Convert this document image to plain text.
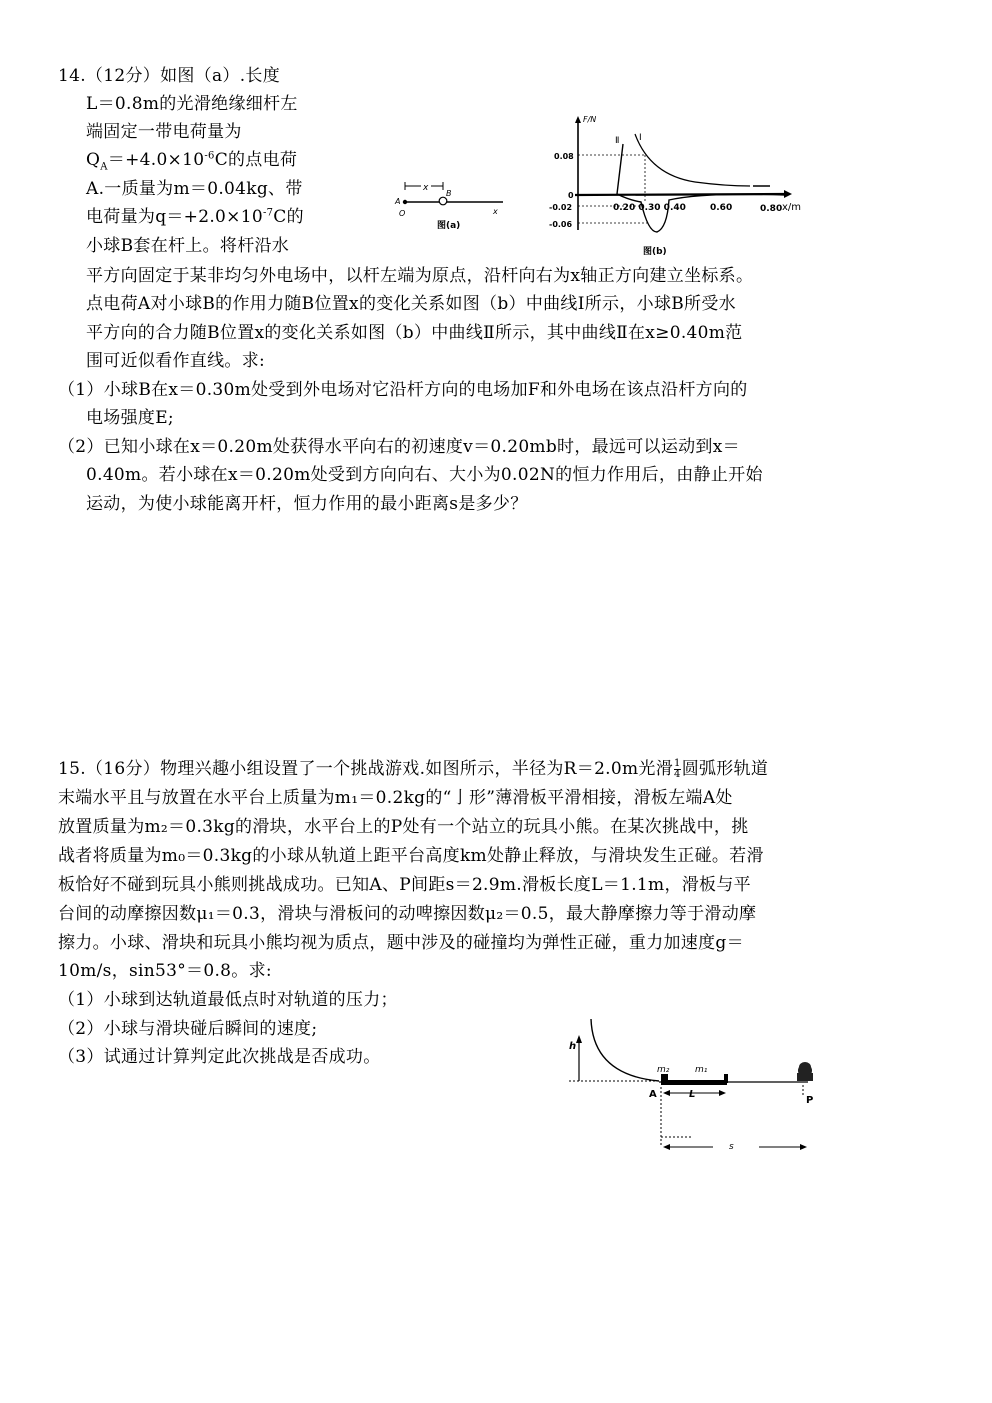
14.（12分）如图（a）.长度
L＝0.8m的光滑绝缘细杆左
端固定一带电荷量为
$Q_A=+4.0\times 10^{-6}C$的点电荷
A.一质量为m＝0.04kg、带
电荷量为$q=+2.0\times 10^{-7}C$的
小球B套在杆上。将杆沿水
x
A
B
O	x
图(a)
F/N
0.08
0
-0.02
-0.06
Ⅰ
Ⅱ
0.20 0.30 0.40	0.60	0.80 x/m
图(b)
平方向固定于某非均匀外电场中，以杆左端为原点，沿杆向右为x轴正方向建立坐标系。
点电荷A对小球B的作用力随B位置x的变化关系如图（b）中曲线Ⅰ所示，小球B所受水
平方向的合力随B位置x的变化关系如图（b）中曲线Ⅱ所示，其中曲线Ⅱ在x≥0.40m范
围可近似看作直线。求:
（1）小球B在x＝0.30m处受到外电场对它沿杆方向的电场加F和外电场在该点沿杆方向的
电场强度E;
（2）已知小球在x＝0.20m处获得水平向右的初速度v＝0.20mb时，最远可以运动到x＝
0.40m。若小球在x＝0.20m处受到方向向右、大小为0.02N的恒力作用后，由静止开始
运动，为使小球能离开杆，恒力作用的最小距离s是多少？
15.（16分）物理兴趣小组设置了一个挑战游戏.如图所示，半径为R＝2.0m光滑 $\frac{1}{4}$ 圆弧形轨道
末端水平且与放置在水平台上质量为m₁＝0.2kg的“亅形”薄滑板平滑相接，滑板左端A处
放置质量为m₂＝0.3kg的滑块，水平台上的P处有一个站立的玩具小熊。在某次挑战中，挑
战者将质量为m₀＝0.3kg的小球从轨道上距平台高度km处静止释放，与滑块发生正碰。若滑
板恰好不碰到玩具小熊则挑战成功。已知A、P间距s＝2.9m.滑板长度L＝1.1m，滑板与平
台间的动摩擦因数μ₁＝0.3，滑块与滑板问的动啤擦因数μ₂＝0.5，最大静摩擦力等于滑动摩
擦力。小球、滑块和玩具小熊均视为质点，题中涉及的碰撞均为弹性正碰，重力加速度g＝
10m/s，sin53°＝0.8。求:
（1）小球到达轨道最低点时对轨道的压力；
（2）小球与滑块碰后瞬间的速度;
（3）试通过计算判定此次挑战是否成功。
h
m₂	m₁
A	L
P
s
